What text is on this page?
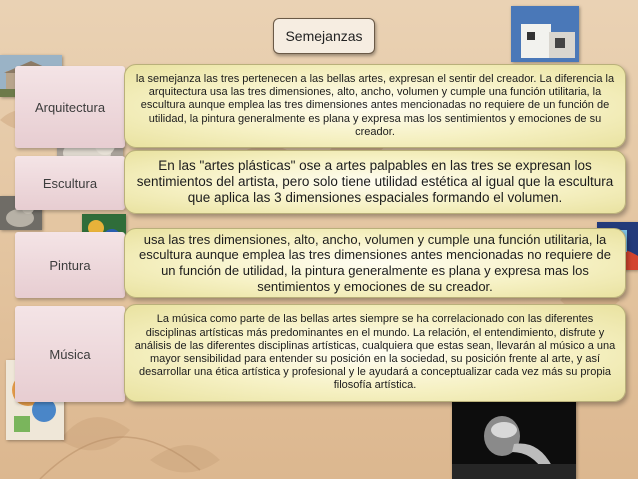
Semejanzas
Arquitectura
la semejanza las tres pertenecen a las bellas artes, expresan el sentir del creador. La diferencia la arquitectura usa las tres dimensiones, alto, ancho, volumen y cumple una función utilitaria, la escultura aunque emplea las tres dimensiones antes mencionadas no requiere de un función de utilidad, la pintura generalmente es plana y expresa mas los sentimientos y emociones de su creador.
Escultura
En las "artes plásticas" ose a artes palpables en las tres se expresan los sentimientos del artista, pero solo tiene utilidad estética al igual que la escultura que aplica las 3 dimensiones espaciales formando el volumen.
Pintura
usa las tres dimensiones, alto, ancho, volumen y cumple una función utilitaria, la escultura aunque emplea las tres dimensiones antes mencionadas no requiere de un función de utilidad, la pintura generalmente es plana y expresa mas los sentimientos y emociones de su creador.
Música
La música como parte de las bellas artes siempre se ha correlacionado con las diferentes disciplinas artísticas más predominantes en el mundo. La relación, el entendimiento, disfrute y análisis de las diferentes disciplinas artísticas, cualquiera que estas sean, llevarán al músico a una mayor sensibilidad para entender su posición en la sociedad, su posición frente al arte, y así desarrollar una ética artística y profesional y le ayudará a conceptualizar cada vez más su propia filosofía artística.
